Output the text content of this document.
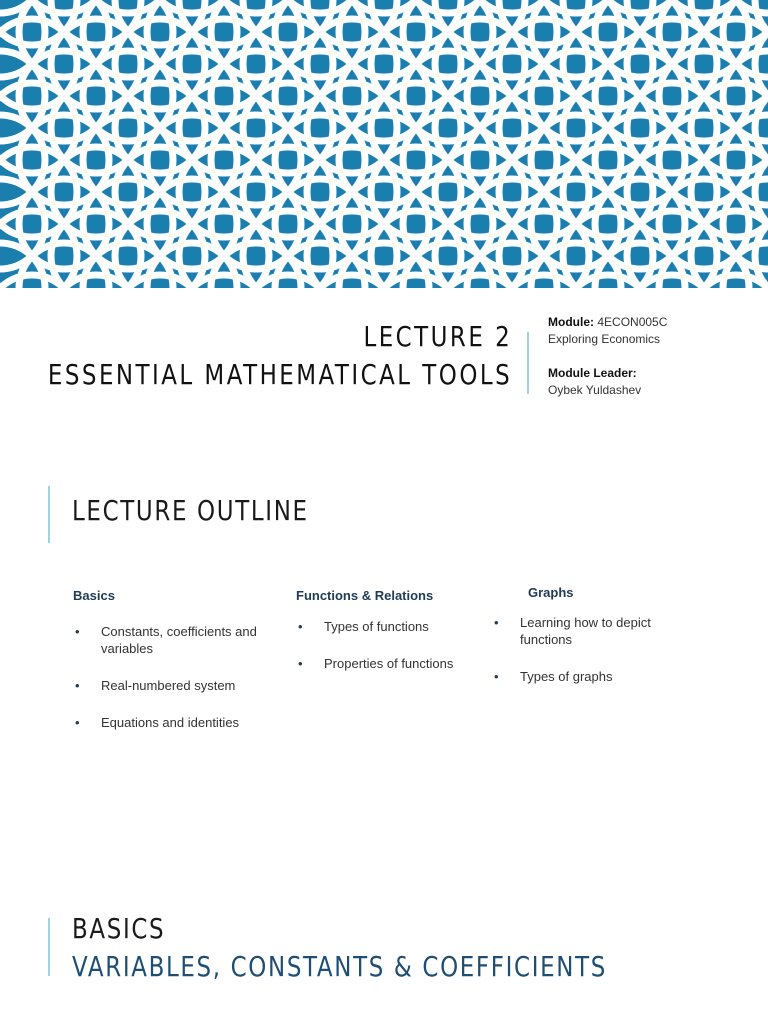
LECTURE 2
ESSENTIAL MATHEMATICAL TOOLS
Module: 4ECON005C
Exploring Economics
Module Leader:
Oybek Yuldashev
LECTURE OUTLINE
Basics
• Constants, coefficients and variables
• Real-numbered system
• Equations and identities
Functions & Relations
• Types of functions
• Properties of functions
Graphs
• Learning how to depict functions
• Types of graphs
BASICS
VARIABLES, CONSTANTS & COEFFICIENTS
